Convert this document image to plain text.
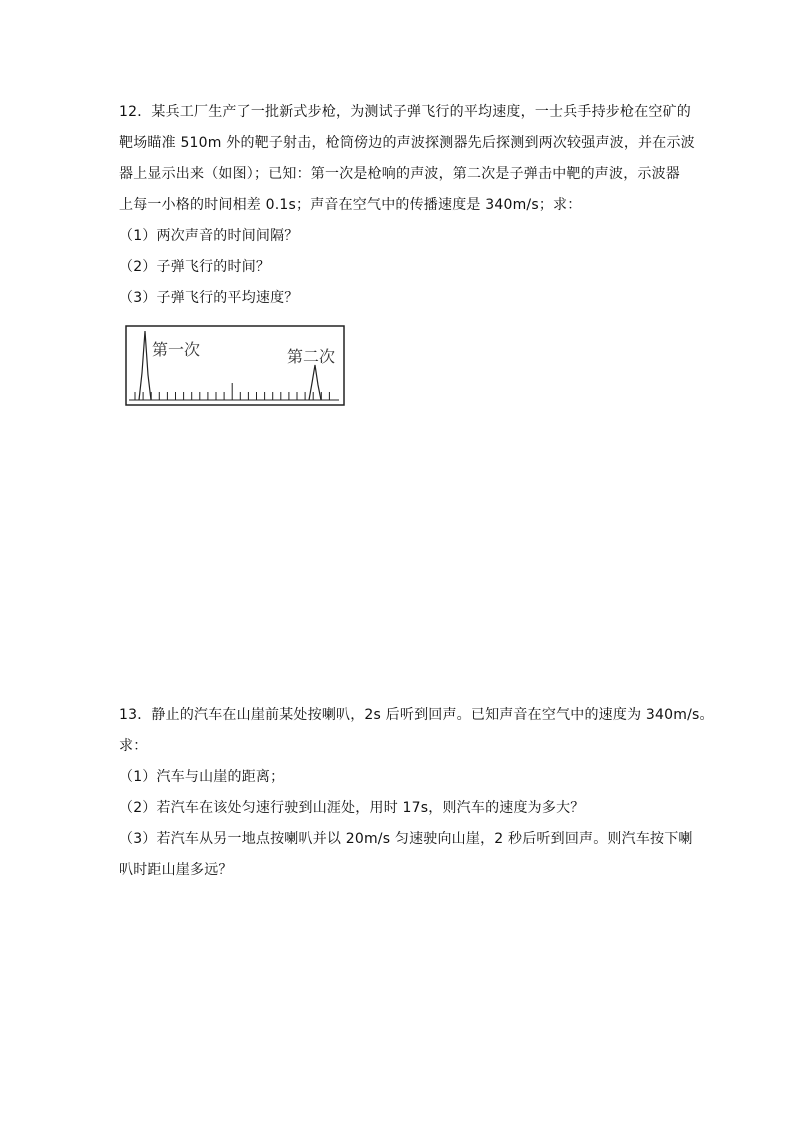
12．某兵工厂生产了一批新式步枪，为测试子弹飞行的平均速度，一士兵手持步枪在空矿的
靶场瞄准 510m 外的靶子射击，枪筒傍边的声波探测器先后探测到两次较强声波，并在示波
器上显示出来（如图）；已知：第一次是枪响的声波，第二次是子弹击中靶的声波，示波器
上每一小格的时间相差 0.1s；声音在空气中的传播速度是 340m/s；求：
（1）两次声音的时间间隔？
（2）子弹飞行的时间？
（3）子弹飞行的平均速度？
第一次	第二次
13．静止的汽车在山崖前某处按喇叭，2s 后听到回声。已知声音在空气中的速度为 340m/s。
求：
（1）汽车与山崖的距离；
（2）若汽车在该处匀速行驶到山涯处，用时 17s，则汽车的速度为多大？
（3）若汽车从另一地点按喇叭并以 20m/s 匀速驶向山崖，2 秒后听到回声。则汽车按下喇
叭时距山崖多远？
